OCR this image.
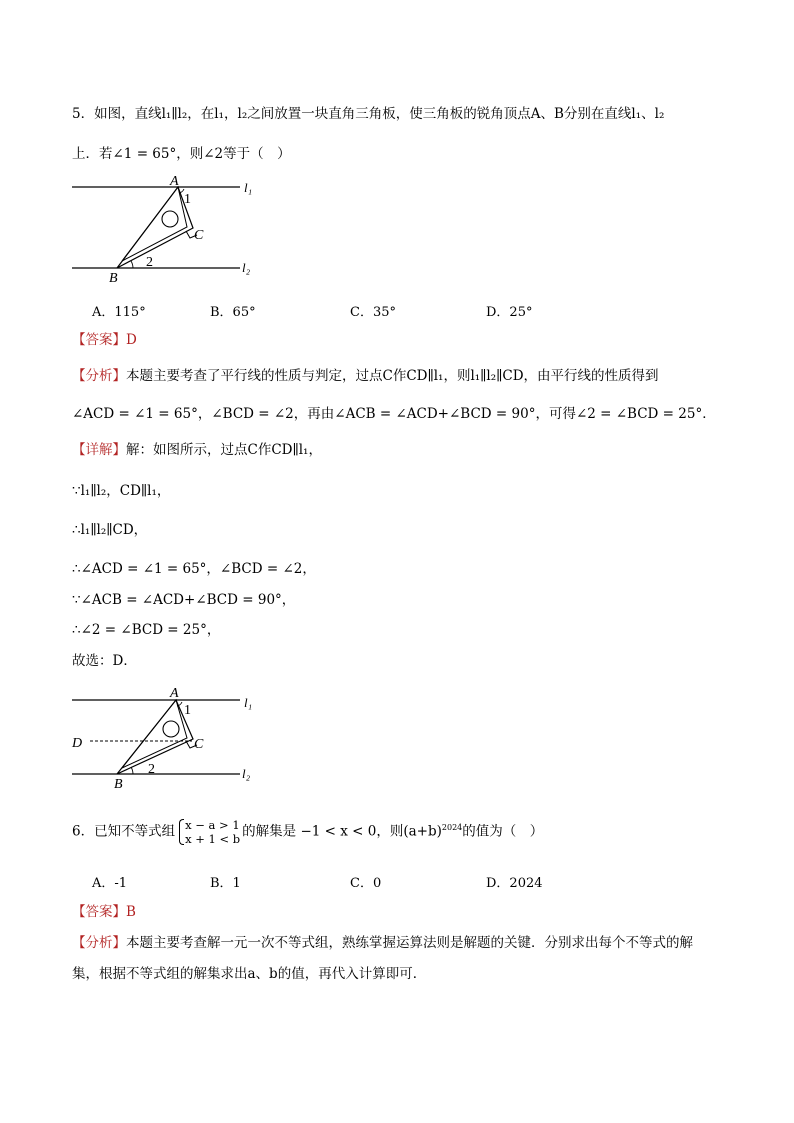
5．如图，直线l₁∥l₂，在l₁，l₂之间放置一块直角三角板，使三角板的锐角顶点A、B分别在直线l₁、l₂
上．若∠1 = 65°，则∠2等于（　）
A
1
C
2
B
l₁
l₂
A．115°	B．65°	C．35°	D．25°
【答案】D
【分析】本题主要考查了平行线的性质与判定，过点C作CD∥l₁，则l₁∥l₂∥CD，由平行线的性质得到
∠ACD = ∠1 = 65°，∠BCD = ∠2，再由∠ACB = ∠ACD+∠BCD = 90°，可得∠2 = ∠BCD = 25°．
【详解】解：如图所示，过点C作CD∥l₁，
∵l₁∥l₂，CD∥l₁，
∴l₁∥l₂∥CD，
∴∠ACD = ∠1 = 65°，∠BCD = ∠2，
∵∠ACB = ∠ACD+∠BCD = 90°，
∴∠2 = ∠BCD = 25°，
故选：D．
A
1
C
D
2
B
l₁
l₂
6．已知不等式组 x − a > 1
x + 1 < b 的解集是 −1 < x < 0，则$(a+b)^{2024}$的值为（　）
A．-1	B．1	C．0	D．2024
【答案】B
【分析】本题主要考查解一元一次不等式组，熟练掌握运算法则是解题的关键．分别求出每个不等式的解
集，根据不等式组的解集求出a、b的值，再代入计算即可．
